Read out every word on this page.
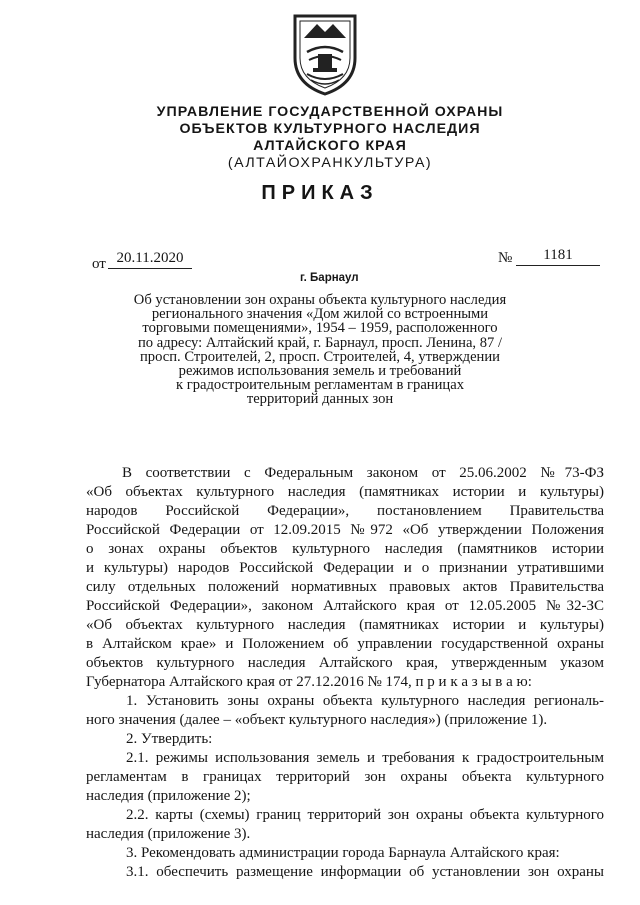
УПРАВЛЕНИЕ ГОСУДАРСТВЕННОЙ ОХРАНЫ
ОБЪЕКТОВ КУЛЬТУРНОГО НАСЛЕДИЯ
АЛТАЙСКОГО КРАЯ
(АЛТАЙОХРАНКУЛЬТУРА)
ПРИКАЗ
от 20.11.2020	№	1181
г. Барнаул
Об установлении зон охраны объекта культурного наследия
регионального значения «Дом жилой со встроенными
торговыми помещениями», 1954 – 1959, расположенного
по адресу: Алтайский край, г. Барнаул, просп. Ленина, 87 /
просп. Строителей, 2, просп. Строителей, 4, утверждении
режимов использования земель и требований
к градостроительным регламентам в границах
территорий данных зон
В соответствии с Федеральным законом от 25.06.2002 №73-ФЗ
«Об объектах культурного наследия (памятниках истории и культуры)
народов Российской Федерации», постановлением Правительства
Российской Федерации от 12.09.2015 №972 «Об утверждении Положения
о зонах охраны объектов культурного наследия (памятников истории
и культуры) народов Российской Федерации и о признании утратившими
силу отдельных положений нормативных правовых актов Правительства
Российской Федерации», законом Алтайского края от 12.05.2005 №32-ЗС
«Об объектах культурного наследия (памятниках истории и культуры)
в Алтайском крае» и Положением об управлении государственной охраны
объектов культурного наследия Алтайского края, утвержденным указом
Губернатора Алтайского края от 27.12.2016 № 174, п р и к а з ы в а ю:
1. Установить зоны охраны объекта культурного наследия региональ-
ного значения (далее – «объект культурного наследия») (приложение 1).
2. Утвердить:
2.1. режимы использования земель и требования к градостроительным
регламентам в границах территорий зон охраны объекта культурного
наследия (приложение 2);
2.2. карты (схемы) границ территорий зон охраны объекта культурного
наследия (приложение 3).
3. Рекомендовать администрации города Барнаула Алтайского края:
3.1. обеспечить размещение информации об установлении зон охраны
